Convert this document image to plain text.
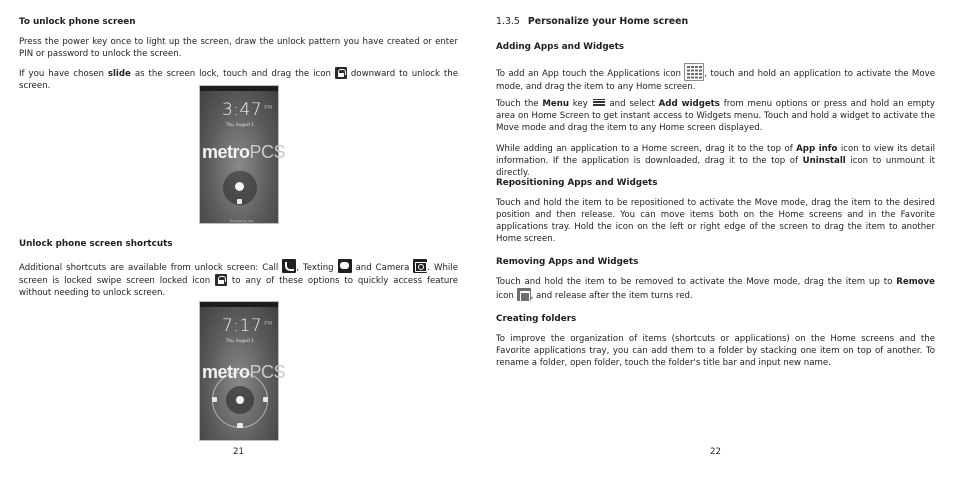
To unlock phone screen
Press the power key once to light up the screen, draw the unlock pattern you have created or enter PIN or password to unlock the screen.
If you have chosen slide as the screen lock, touch and drag the icon  downward to unlock the screen.
3:47 $^{PM}$
Thu, August 1
metroPCS
Emergency call
Unlock phone screen shortcuts
Additional shortcuts are available from unlock screen: Call , Texting  and Camera . While screen is locked swipe screen locked icon  to any of these options to quickly access feature without needing to unlock screen.
7:17 $^{PM}$
Thu, August 1
metroPCS
21
1.3.5 Personalize your Home screen
Adding Apps and Widgets
To add an App touch the Applications icon
, touch and hold an application to activate the Move mode, and drag the item to any Home screen.
Touch the Menu key
and select Add widgets from menu options or press and hold an empty area on Home Screen to get instant access to Widgets menu. Touch and hold a widget to activate the Move mode and drag the item to any Home screen displayed.
While adding an application to a Home screen, drag it to the top of App info icon to view its detail information. If the application is downloaded, drag it to the top of Uninstall icon to unmount it directly.
Repositioning Apps and Widgets
Touch and hold the item to be repositioned to activate the Move mode, drag the item to the desired position and then release. You can move items both on the Home screens and in the Favorite applications tray. Hold the icon on the left or right edge of the screen to drag the item to another Home screen.
Removing Apps and Widgets
Touch and hold the item to be removed to activate the Move mode, drag the item up to Remove icon , and release after the item turns red.
Creating folders
To improve the organization of items (shortcuts or applications) on the Home screens and the Favorite applications tray, you can add them to a folder by stacking one item on top of another. To rename a folder, open folder, touch the folder's title bar and input new name.
22
